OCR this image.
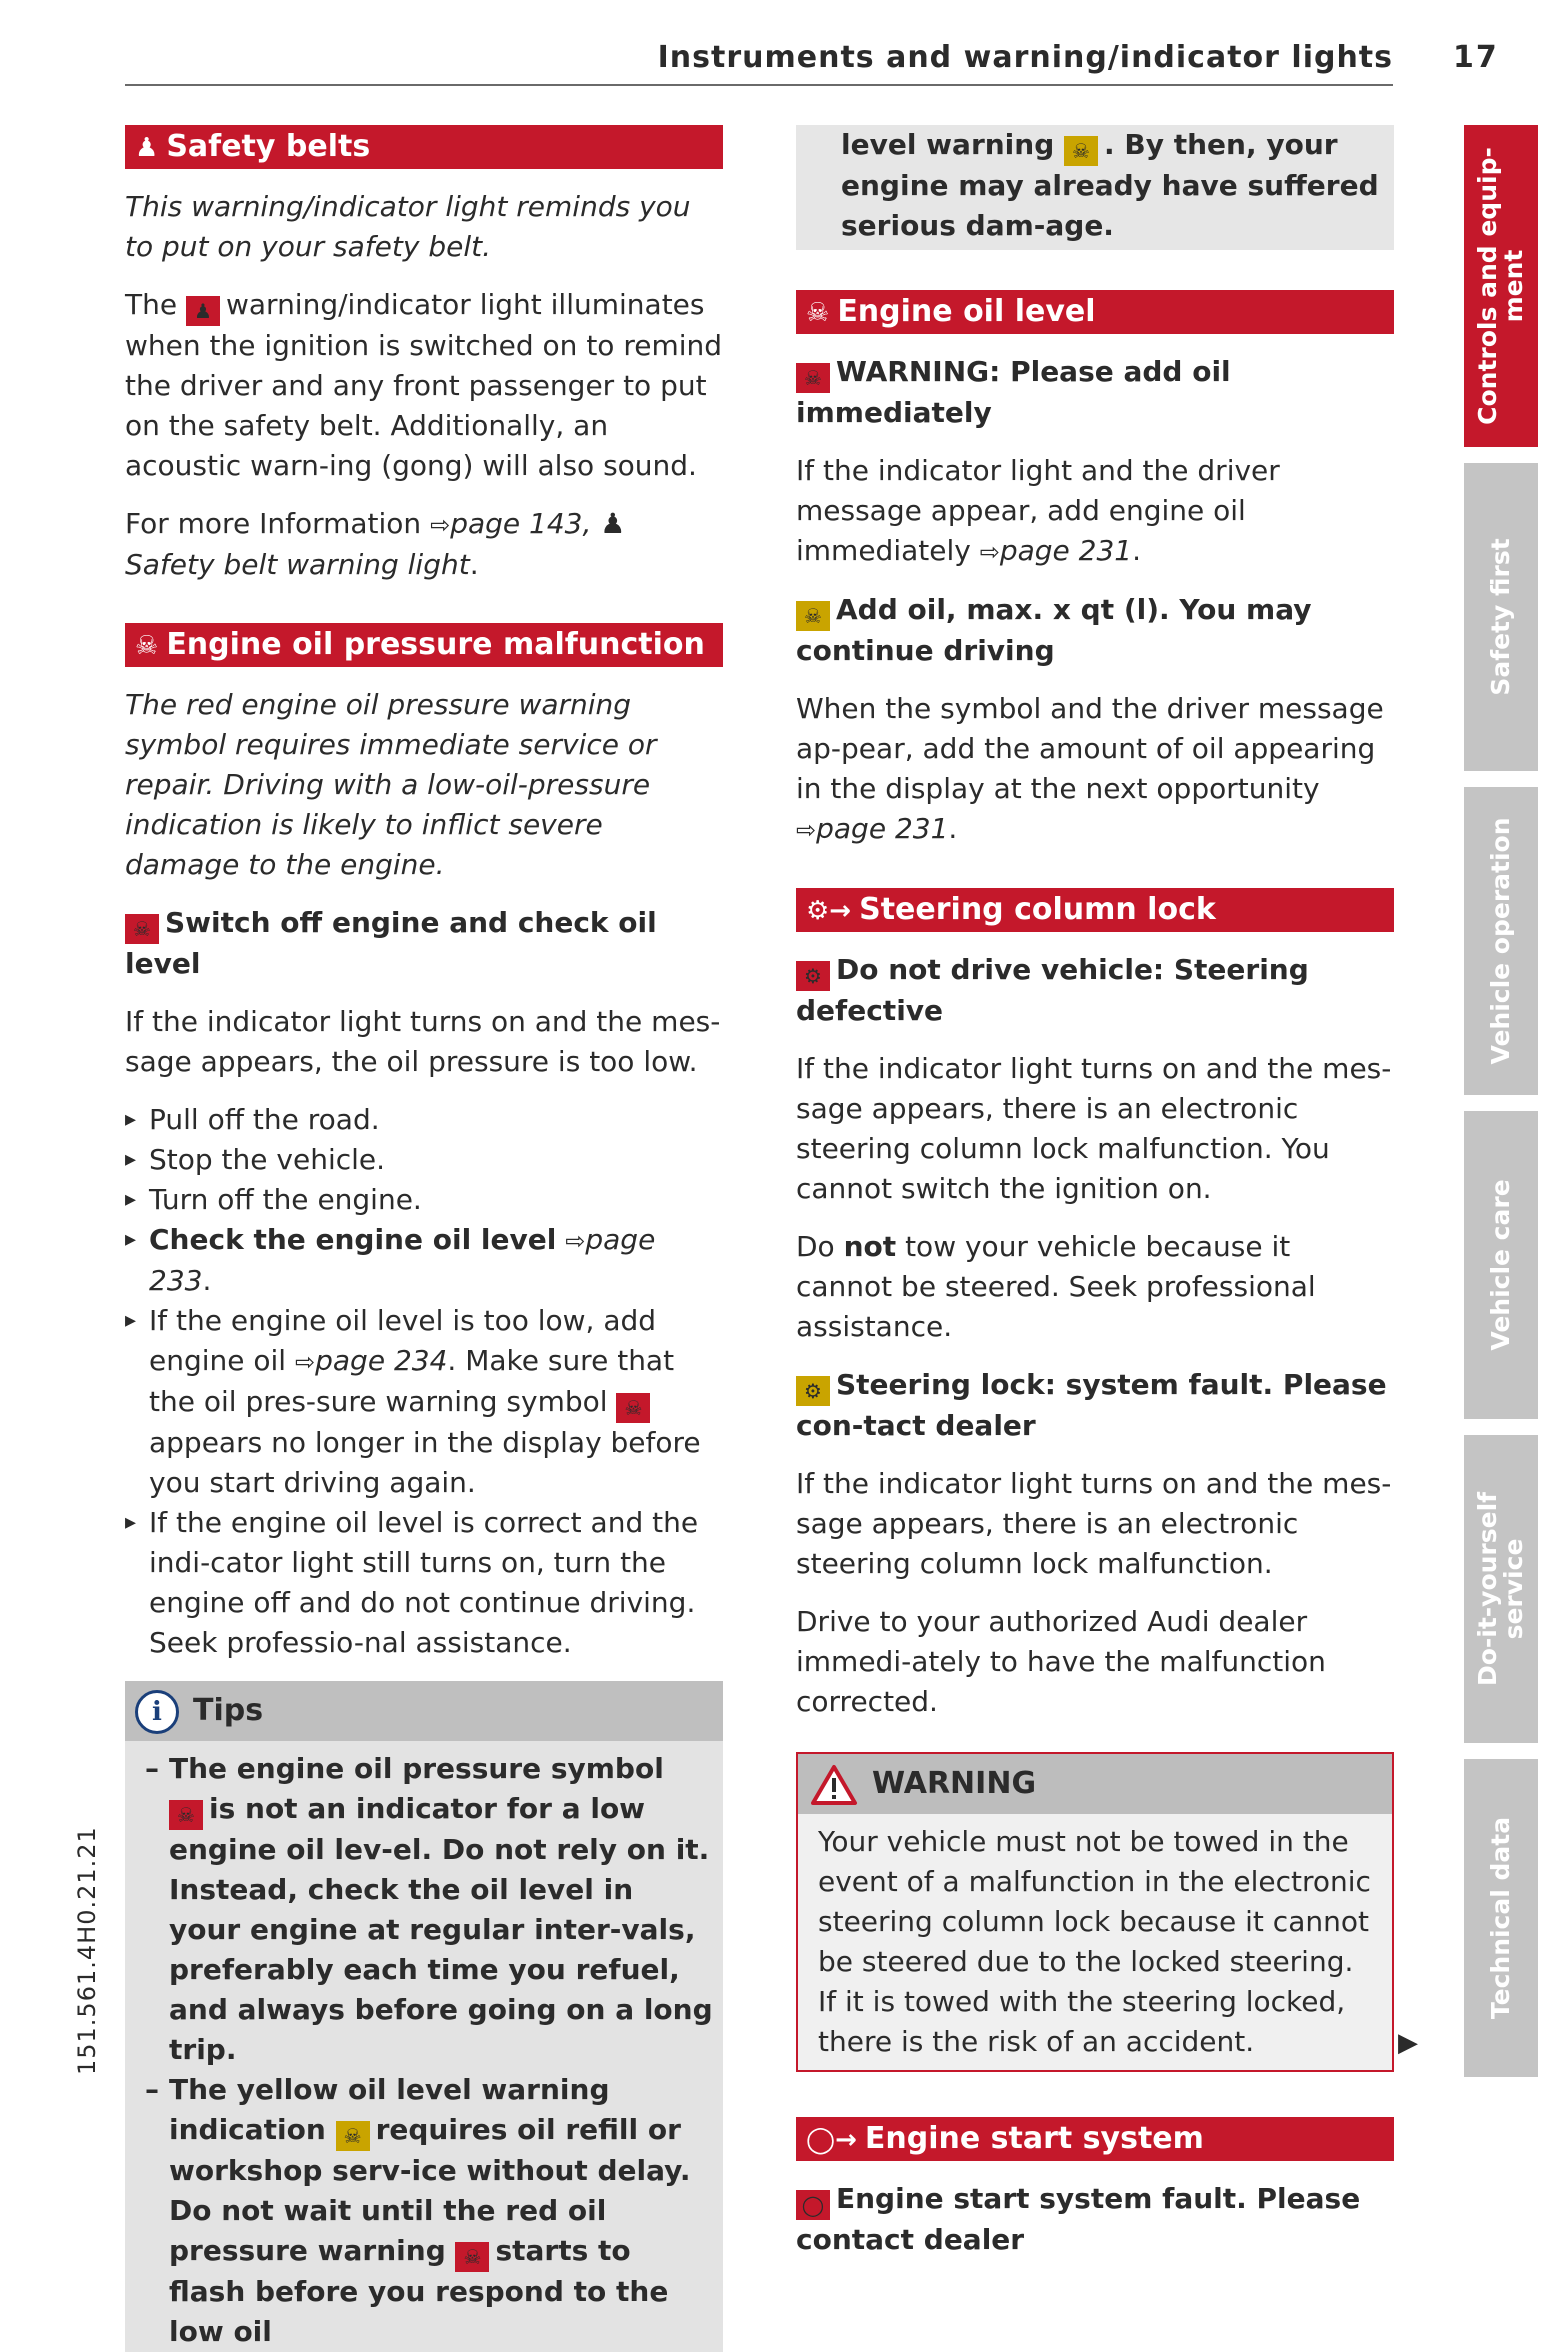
Instruments and warning/indicator lights 17
♟ Safety belts

This warning/indicator light reminds you to put on your safety belt.

The ♟ warning/indicator light illuminates when the ignition is switched on to remind the driver and any front passenger to put on the safety belt. Additionally, an acoustic warn-ing (gong) will also sound.

For more Information ⇨page 143, ♟ Safety belt warning light.

☠ Engine oil pressure malfunction

The red engine oil pressure warning symbol requires immediate service or repair. Driving with a low-oil-pressure indication is likely to inflict severe damage to the engine.

☠ Switch off engine and check oil level

If the indicator light turns on and the mes-sage appears, the oil pressure is too low.

▸ Pull off the road.
▸ Stop the vehicle.
▸ Turn off the engine.
▸ Check the engine oil level ⇨page 233.
▸ If the engine oil level is too low, add engine oil ⇨page 234. Make sure that the oil pres-sure warning symbol ☠appears no longer in the display before you start driving again.
▸ If the engine oil level is correct and the indi-cator light still turns on, turn the engine off and do not continue driving. Seek professio-nal assistance.
i Tips
– The engine oil pressure symbol ☠ is not an indicator for a low engine oil lev-el. Do not rely on it. Instead, check the oil level in your engine at regular inter-vals, preferably each time you refuel, and always before going on a long trip.
– The yellow oil level warning indication ☠ requires oil refill or workshop serv-ice without delay. Do not wait until the red oil pressure warning ☠ starts to flash before you respond to the low oil
level warning ☠ . By then, your engine may already have suffered serious dam-age.
☠ Engine oil level

☠ WARNING: Please add oil immediately

If the indicator light and the driver message appear, add engine oil immediately ⇨page 231.

☠ Add oil, max. x qt (l). You may continue driving

When the symbol and the driver message ap-pear, add the amount of oil appearing in the display at the next opportunity ⇨page 231.

⚙→ Steering column lock

⚙ Do not drive vehicle: Steering defective

If the indicator light turns on and the mes-sage appears, there is an electronic steering column lock malfunction. You cannot switch the ignition on.

Do not tow your vehicle because it cannot be steered. Seek professional assistance.

⚙ Steering lock: system fault. Please con-tact dealer

If the indicator light turns on and the mes-sage appears, there is an electronic steering column lock malfunction.

Drive to your authorized Audi dealer immedi-ately to have the malfunction corrected.

WARNING
Your vehicle must not be towed in the event of a malfunction in the electronic steering column lock because it cannot be steered due to the locked steering. If it is towed with the steering locked, there is the risk of an accident.
◯→ Engine start system

◯ Engine start system fault. Please contact dealer

▶
Controls and equip-
ment
Safety first
Vehicle operation
Vehicle care
Do-it-yourself
service
Technical data
151.561.4H0.21.21
